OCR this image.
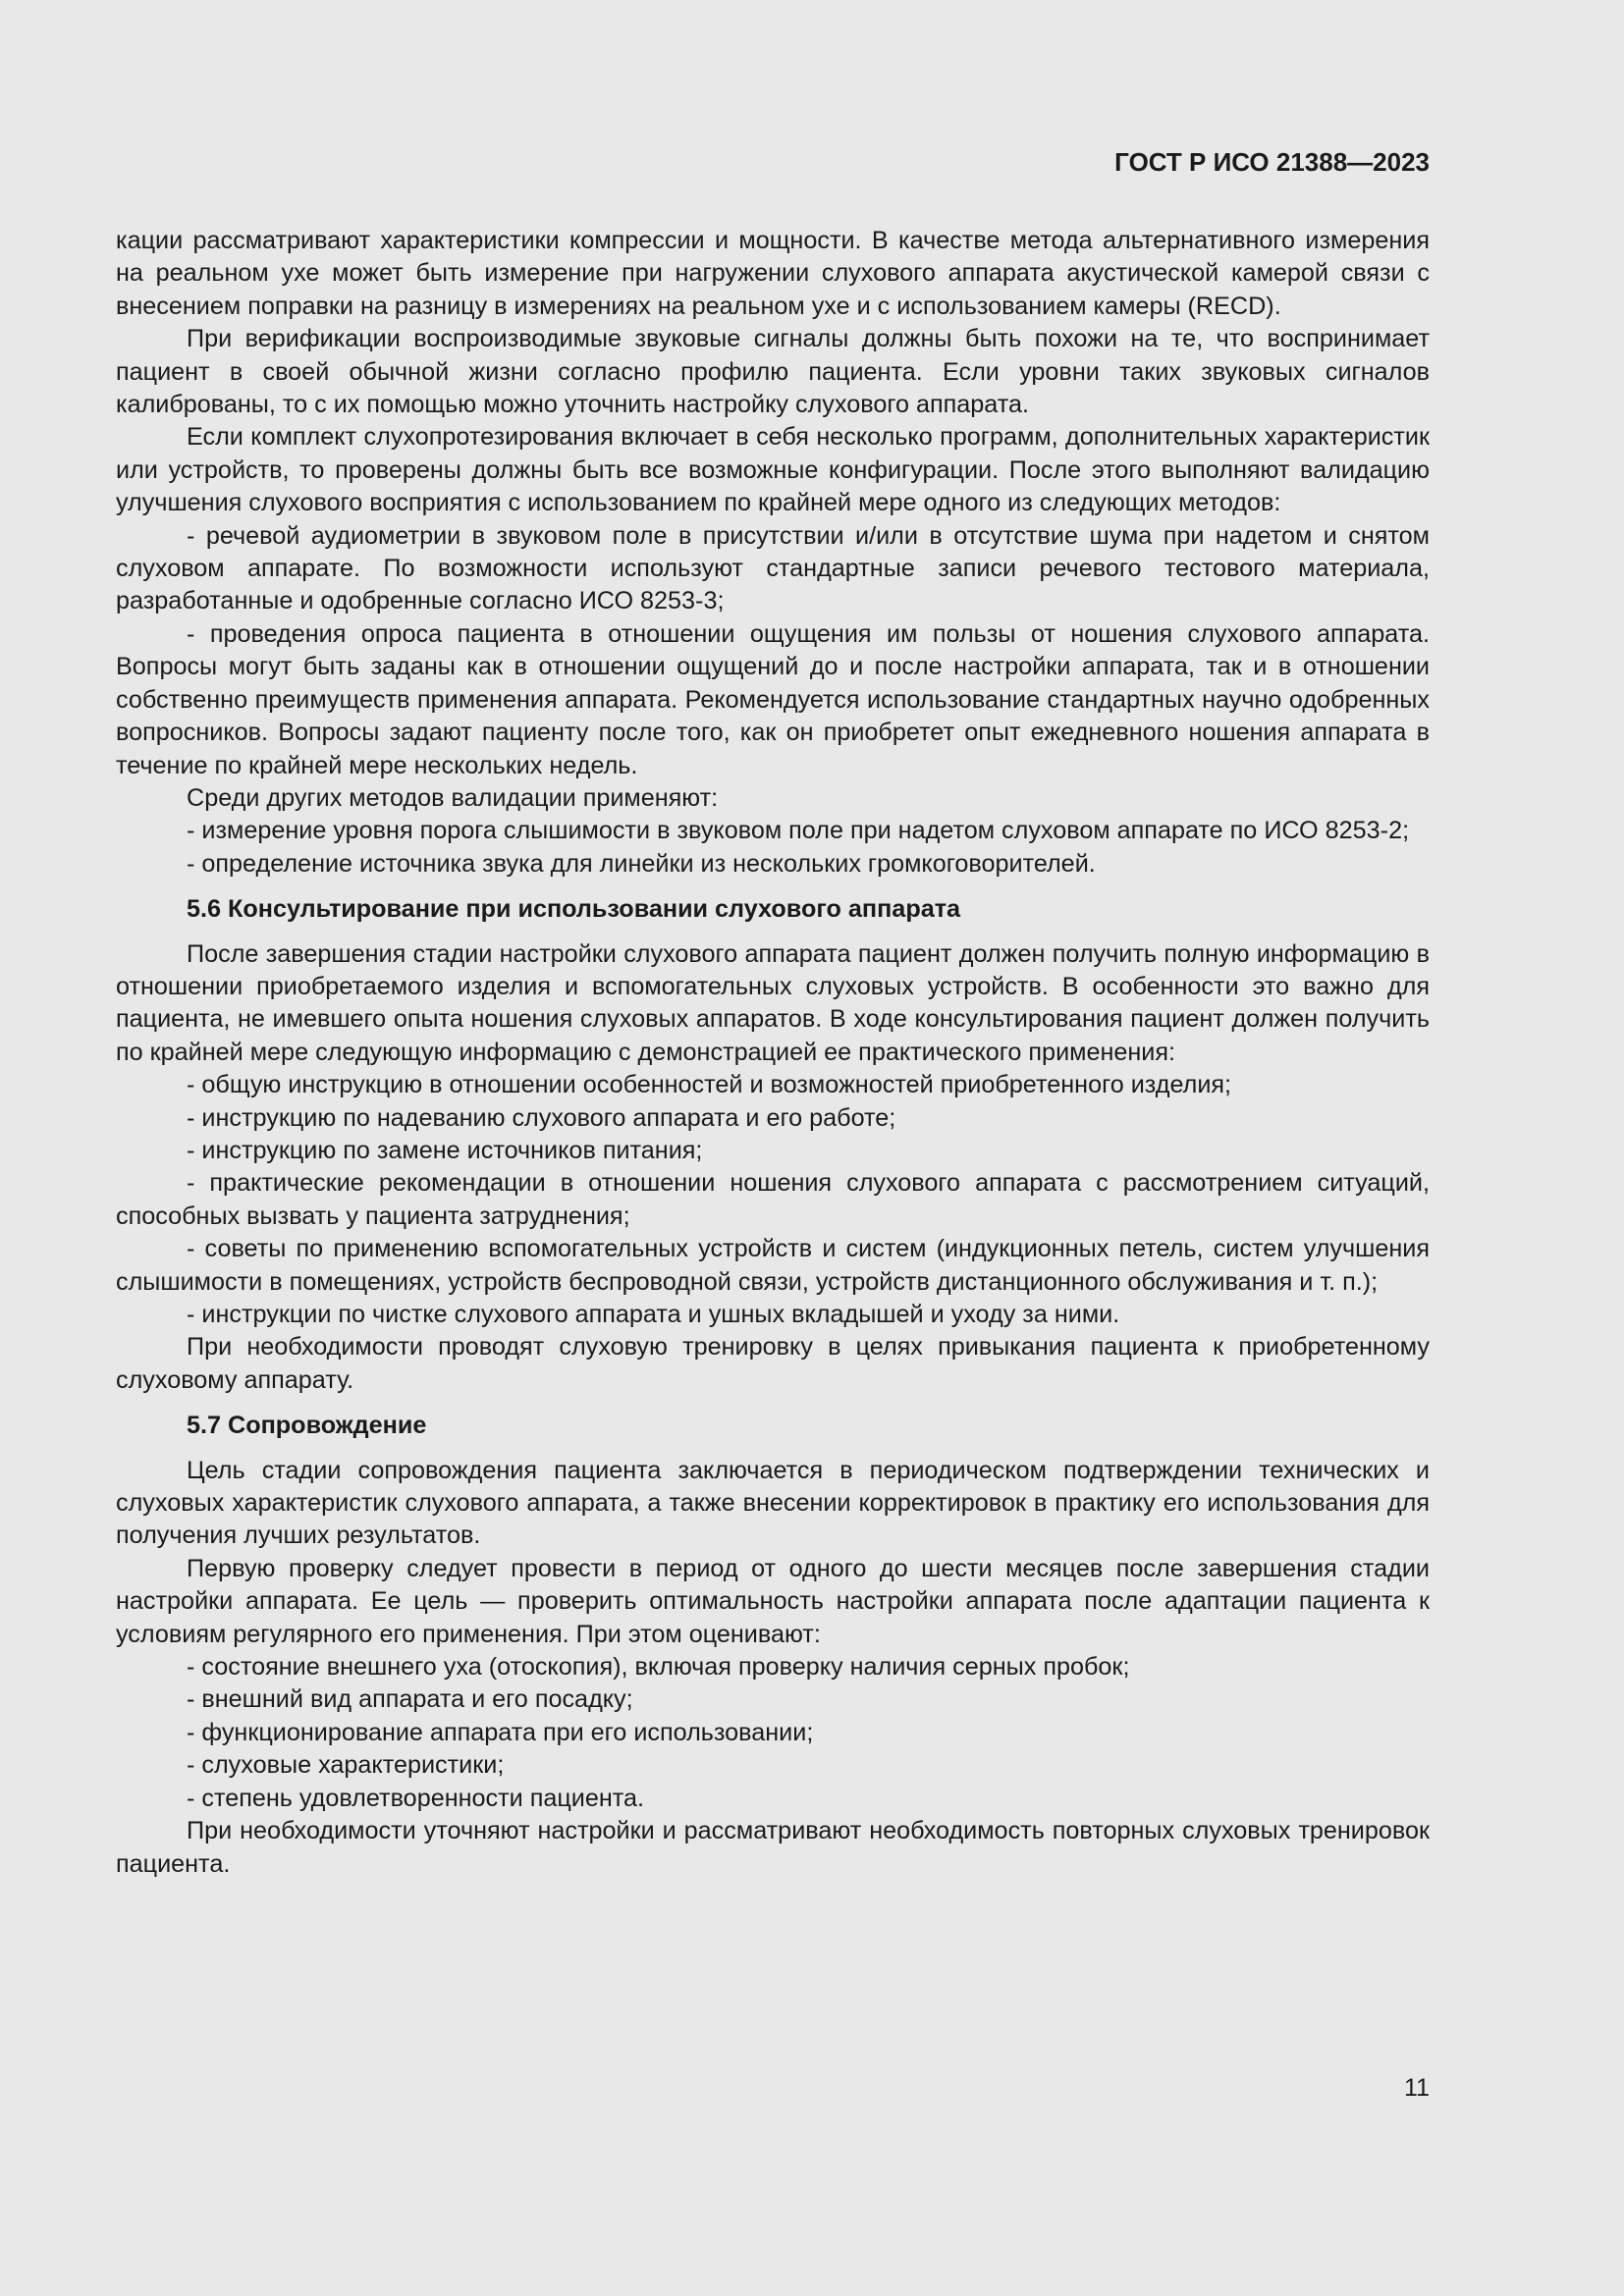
ГОСТ Р ИСО 21388—2023

кации рассматривают характеристики компрессии и мощности. В качестве метода альтернативного измерения на реальном ухе может быть измерение при нагружении слухового аппарата акустической камерой связи с внесением поправки на разницу в измерениях на реальном ухе и с использованием камеры (RECD).

При верификации воспроизводимые звуковые сигналы должны быть похожи на те, что воспринимает пациент в своей обычной жизни согласно профилю пациента. Если уровни таких звуковых сигналов калиброваны, то с их помощью можно уточнить настройку слухового аппарата.

Если комплект слухопротезирования включает в себя несколько программ, дополнительных характеристик или устройств, то проверены должны быть все возможные конфигурации. После этого выполняют валидацию улучшения слухового восприятия с использованием по крайней мере одного из следующих методов:

- речевой аудиометрии в звуковом поле в присутствии и/или в отсутствие шума при надетом и снятом слуховом аппарате. По возможности используют стандартные записи речевого тестового материала, разработанные и одобренные согласно ИСО 8253-3;

- проведения опроса пациента в отношении ощущения им пользы от ношения слухового аппарата. Вопросы могут быть заданы как в отношении ощущений до и после настройки аппарата, так и в отношении собственно преимуществ применения аппарата. Рекомендуется использование стандартных научно одобренных вопросников. Вопросы задают пациенту после того, как он приобретет опыт ежедневного ношения аппарата в течение по крайней мере нескольких недель.

Среди других методов валидации применяют:

- измерение уровня порога слышимости в звуковом поле при надетом слуховом аппарате по ИСО 8253-2;

- определение источника звука для линейки из нескольких громкоговорителей.

5.6 Консультирование при использовании слухового аппарата

После завершения стадии настройки слухового аппарата пациент должен получить полную информацию в отношении приобретаемого изделия и вспомогательных слуховых устройств. В особенности это важно для пациента, не имевшего опыта ношения слуховых аппаратов. В ходе консультирования пациент должен получить по крайней мере следующую информацию с демонстрацией ее практического применения:

- общую инструкцию в отношении особенностей и возможностей приобретенного изделия;

- инструкцию по надеванию слухового аппарата и его работе;

- инструкцию по замене источников питания;

- практические рекомендации в отношении ношения слухового аппарата с рассмотрением ситуаций, способных вызвать у пациента затруднения;

- советы по применению вспомогательных устройств и систем (индукционных петель, систем улучшения слышимости в помещениях, устройств беспроводной связи, устройств дистанционного обслуживания и т. п.);

- инструкции по чистке слухового аппарата и ушных вкладышей и уходу за ними.

При необходимости проводят слуховую тренировку в целях привыкания пациента к приобретенному слуховому аппарату.

5.7 Сопровождение

Цель стадии сопровождения пациента заключается в периодическом подтверждении технических и слуховых характеристик слухового аппарата, а также внесении корректировок в практику его использования для получения лучших результатов.

Первую проверку следует провести в период от одного до шести месяцев после завершения стадии настройки аппарата. Ее цель — проверить оптимальность настройки аппарата после адаптации пациента к условиям регулярного его применения. При этом оценивают:

- состояние внешнего уха (отоскопия), включая проверку наличия серных пробок;

- внешний вид аппарата и его посадку;

- функционирование аппарата при его использовании;

- слуховые характеристики;

- степень удовлетворенности пациента.

При необходимости уточняют настройки и рассматривают необходимость повторных слуховых тренировок пациента.

11
